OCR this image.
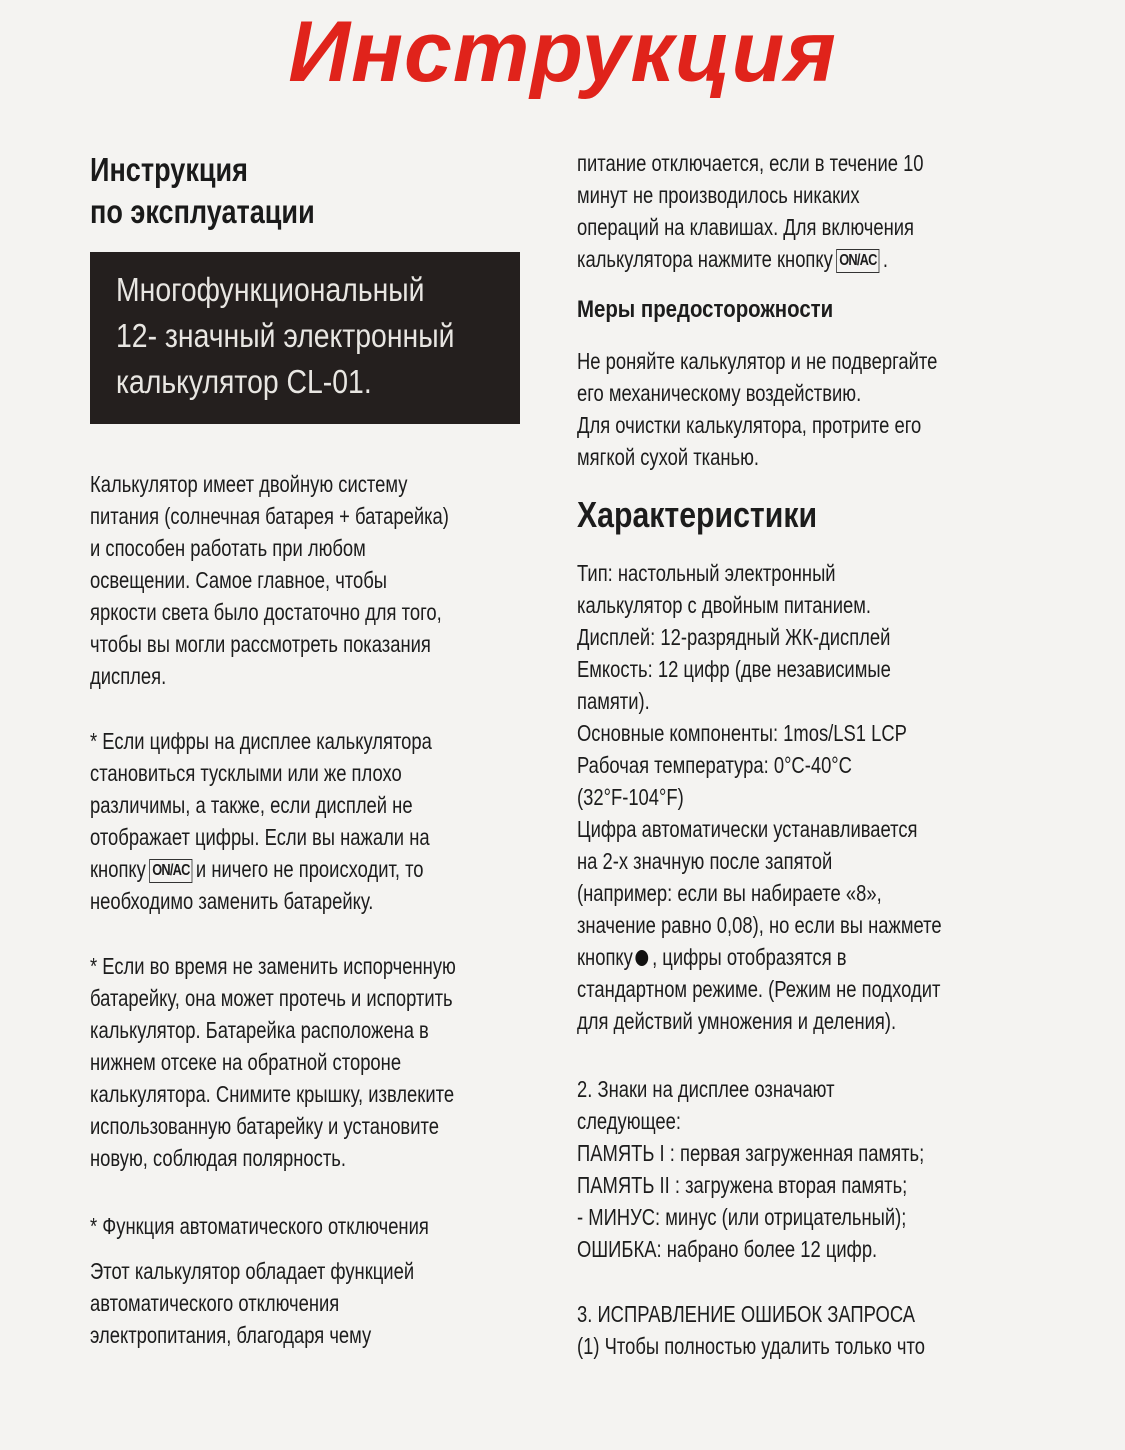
Инструкция
Инструкция
по эксплуатации
Многофункциональный
12- значный электронный
калькулятор CL-01.
Калькулятор имеет двойную систему
питания (солнечная батарея + батарейка)
и способен работать при любом
освещении. Самое главное, чтобы
яркости света было достаточно для того,
чтобы вы могли рассмотреть показания
дисплея.
* Если цифры на дисплее калькулятора
становиться тусклыми или же плохо
различимы, а также, если дисплей не
отображает цифры. Если вы нажали на
кнопку ON/AC и ничего не происходит, то
необходимо заменить батарейку.
* Если во время не заменить испорченную
батарейку, она может протечь и испортить
калькулятор. Батарейка расположена в
нижнем отсеке на обратной стороне
калькулятора. Снимите крышку, извлеките
использованную батарейку и установите
новую, соблюдая полярность.
* Функция автоматического отключения
Этот калькулятор обладает функцией
автоматического отключения
электропитания, благодаря чему
питание отключается, если в течение 10
минут не производилось никаких
операций на клавишах. Для включения
калькулятора нажмите кнопку ON/AC .
Меры предосторожности
Не роняйте калькулятор и не подвергайте
его механическому воздействию.
Для очистки калькулятора, протрите его
мягкой сухой тканью.
Характеристики
Тип: настольный электронный
калькулятор с двойным питанием.
Дисплей: 12-разрядный ЖК-дисплей
Емкость: 12 цифр (две независимые
памяти).
Основные компоненты: 1mos/LS1 LCP
Рабочая температура: 0°C-40°C
(32°F-104°F)
Цифра автоматически устанавливается
на 2-х значную после запятой
(например: если вы набираете «8»,
значение равно 0,08), но если вы нажмете
кнопку , цифры отобразятся в
стандартном режиме. (Режим не подходит
для действий умножения и деления).
2. Знаки на дисплее означают
следующее:
ПАМЯТЬ I : первая загруженная память;
ПАМЯТЬ II : загружена вторая память;
- МИНУС: минус (или отрицательный);
ОШИБКА: набрано более 12 цифр.
3. ИСПРАВЛЕНИЕ ОШИБОК ЗАПРОСА
(1) Чтобы полностью удалить только что
